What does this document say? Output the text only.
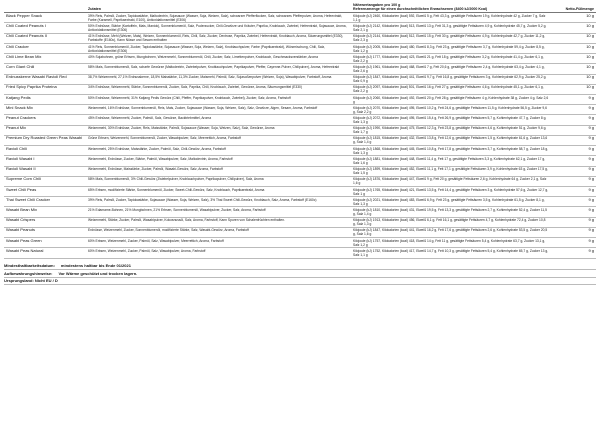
	Zutaten	Nährwertangaben pro 100 g
Referenzmenge für einen durchschnittlichen Erwachsenen (8400 kJ/2000 Kcal)	Netto-Füllmenge
Black Pepper Snack	39% Reis, Palmöl, Zucker, Tapiokastärke, Maltodextrin, Sojasauce (Wasser, Soja, Weizen, Salz), schwarzer Pfefferflocken, Salz, schwarzes Pfefferpulver, Aroma, Hefeextrakt, Farbe (Karamell, Paprikaextrakt, E100), Antioxidationsmittel (E306)	Kilojoule (kJ) 2460, Kilokalorien (kcal) 592, Eiweiß 5 g, Fett 43,3 g, gesättigte Fettsäuren 19 g, Kohlenhydrate 42 g, Zucker 7 g, Salz 1,1 g	10 g
Chili Coated Peanuts I	50% Erdnüsse, Stärke (Kartoffeln, Mais, Maniok), Sonnenblumenöl, Salz, Puderzucker, Chili-Gewürze und Kräuter, Paprika, Knoblauch, Zwiebel, Hefeextrakt, Sojasauce, Aroma, Antioxidationsmittel (E306)	Kilojoule (kJ) 2142, Kilokalorien (kcal) 513, Eiweiß 13 g, Fett 31,3 g, gesättigte Fettsäuren 4,9 g, Kohlenhydrate 45,7 g, Zucker 5,2 g, Salz 2,1 g	10 g
Chili Coated Peanuts II	41% Erdnüsse, Mehl (Weizen, Mais), Weizen, Sonnenblumenöl, Reis, Chili, Salz, Zucker, Dextrose, Paprika, Zwiebel, Hefeextrakt, Knoblauch, Aroma, Säuerungsmittel (E330), Farbstoffe (E160c), Kann Nüsse und Sesam enthalten	Kilojoule (kJ) 2144, Kilokalorien (kcal) 512, Eiweiß 15 g, Fett 30 g, gesättigte Fettsäuren 4,9 g, Kohlenhydrate 42,7 g, Zucker 11,2 g, Salz 2,3 g	10 g
Chili Cracker	41% Reis, Sonnenblumenöl, Zucker, Tapiokastärke, Sojasauce (Wasser, Soja, Weizen, Salz), Knoblauchpulver, Farbe (Paprikaextrakt), Würzmischung, Chili, Salz, Antioxidationsmittel (E306)	Kilojoule (kJ) 2005, Kilokalorien (kcal) 480, Eiweiß 8,3 g, Fett 23 g, gesättigte Fettsäuren 3,7 g, Kohlenhydrate 59,4 g, Zucker 8,5 g, Salz 1,2 g	10 g
Chili Lime Bean Mix	40% Sojabohnen, grüne Erbsen, Mungbohnen, Weizenmehl, Sonnenblumenöl, Chili, Zucker, Salz, Limettenpulver, Knoblauch, Geschmacksverstärker, Aroma	Kilojoule (kJ) 1777, Kilokalorien (kcal) 423, Eiweiß 21 g, Fett 18 g, gesättigte Fettsäuren 3,2 g, Kohlenhydrate 41,4 g, Zucker 6,1 g, Salz 2,2 g	10 g
Corn Giant Chili	58% Mais, Sonnenblumenöl, Salz, scharfe Gewürze (Maltodextrin, Zwiebelpulver, Knoblauchpulver, Paprikapulver, Pfeffer, Cayenne-Pulver, Chilipulver), Aroma, Hefeextrakt	Kilojoule (kJ) 1961, Kilokalorien (kcal) 468, Eiweiß 7 g, Fett 20,6 g, gesättigte Fettsäuren 2,4 g, Kohlenhydrate 63,4 g, Zucker 4,1 g, Salz 2,6 g	10 g
Erdnusskerne Wasabi Ravioli Red	38,7% Weizenmehl, 27,1% Erdnusskerne, 18,5% Maisstärke, 11,3% Zucker, Maismehl, Palmöl, Salz, Sojasoßenpulver (Weizen, Soja), Wasabipulver, Farbstoff, Aroma	Kilojoule (kJ) 1847, Kilokalorien (kcal) 441, Eiweiß 9,7 g, Fett 16,8 g, gesättigte Fettsäuren 3 g, Kohlenhydrate 62,9 g, Zucker 25,2 g, Salz 0,9 g	10 g
Fried Spicy Paprika Proteina	34% Erdnüsse, Weizenmehl, Stärke, Sonnenblumenöl, Zucker, Salz, Paprika, Chili, Knoblauch, Zwiebel, Gewürze, Aroma, Säuerungsmittel (E330)	Kilojoule (kJ) 2097, Kilokalorien (kcal) 501, Eiweiß 16 g, Fett 27 g, gesättigte Fettsäuren 4,6 g, Kohlenhydrate 45,1 g, Zucker 6,1 g, Salz 2,2 g	10 g
Katjang Pedis	50% Erdnüsse, Weizenmehl, 31% Katjang Pedis Gewürz (Chili, Pfeffer, Paprikapulver, Knoblauch, Zwiebel), Zucker, Salz, Aroma, Farbstoff	Kilojoule (kJ) 2060, Kilokalorien (kcal) 492, Eiweiß 20 g, Fett 28 g, gesättigte Fettsäuren 4 g, Kohlenhydrate 38 g, Zucker 4 g, Salz 2,6 g	9 g
Mini Snack Mix	Weizenmehl, 16% Erdnüsse, Sonnenblumenöl, Reis, Mais, Zucker, Sojasauce (Wasser, Soja, Weizen, Salz), Salz, Gewürze, Algen, Sesam, Aroma, Farbstoff	Kilojoule (kJ) 2070, Kilokalorien (kcal) 495, Eiweiß 10,2 g, Fett 24,6 g, gesättigte Fettsäuren 11,5 g, Kohlenhydrate 56,5 g, Zucker 9,6 g, Salz 2,2 g	9 g
Peanut Crackers	45% Erdnüsse, Weizenmehl, Zucker, Palmöl, Salz, Gewürze, Backtriebmittel, Aroma	Kilojoule (kJ) 2072, Kilokalorien (kcal) 495, Eiweiß 15,4 g, Fett 26,9 g, gesättigte Fettsäuren 5,7 g, Kohlenhydrate 47,7 g, Zucker 8 g, Salz 1,3 g	9 g
Peanut Mix	Weizenmehl, 30% Erdnüsse, Zucker, Reis, Maisstärke, Palmöl, Sojasauce (Wasser, Soja, Weizen, Salz), Salz, Gewürze, Aroma	Kilojoule (kJ) 1990, Kilokalorien (kcal) 475, Eiweiß 12,3 g, Fett 23,8 g, gesättigte Fettsäuren 4,6 g, Kohlenhydrate 51 g, Zucker 9,6 g, Salz 1,7 g	9 g
Premium Dry Roasted Green Peas Wasabi	Grüne Erbsen, Weizenmehl, Sonnenblumenöl, Zucker, Wasabipulver, Salz, Meerrettich, Aroma, Farbstoff	Kilojoule (kJ) 1815, Kilokalorien (kcal) 432, Eiweiß 13,8 g, Fett 12,6 g, gesättigte Fettsäuren 1,5 g, Kohlenhydrate 61,6 g, Zucker 13,6 g, Salz 1,4 g	9 g
Ravioli Chili	Weizenmehl, 25% Erdnüsse, Maisstärke, Zucker, Palmöl, Salz, Chili-Gewürz, Aroma, Farbstoff	Kilojoule (kJ) 1868, Kilokalorien (kcal) 445, Eiweiß 10,8 g, Fett 17,8 g, gesättigte Fettsäuren 3,7 g, Kohlenhydrate 58,7 g, Zucker 18 g, Salz 1,3 g	9 g
Ravioli Wasabi I	Weizenmehl, Erdnüsse, Zucker, Stärke, Palmöl, Wasabipulver, Salz, Maltodextrin, Aroma, Farbstoff	Kilojoule (kJ) 1881, Kilokalorien (kcal) 448, Eiweiß 11,4 g, Fett 17 g, gesättigte Fettsäuren 3,3 g, Kohlenhydrate 62,1 g, Zucker 17 g, Salz 1,6 g	9 g
Ravioli Wasabi II	Weizenmehl, Erdnüsse, Maisstärke, Zucker, Palmöl, Wasabi-Gewürz, Salz, Aroma, Farbstoff	Kilojoule (kJ) 1899, Kilokalorien (kcal) 452, Eiweiß 11,1 g, Fett 17,1 g, gesättigte Fettsäuren 3,9 g, Kohlenhydrate 63 g, Zucker 17,5 g, Salz 1,5 g	9 g
Supreme Corn Chili	58% Mais, Sonnenblumenöl, 3% Chili-Gewürz (Zwiebelpulver, Knoblauchpulver, Paprikapulver, Chilipulver), Salz, Aroma	Kilojoule (kJ) 1876, Kilokalorien (kcal) 447, Eiweiß 9 g, Fett 20 g, gesättigte Fettsäuren 2,6 g, Kohlenhydrate 64 g, Zucker 2,1 g, Salz 1,6 g	9 g
Sweet Chili Peas	65% Erbsen, modifizierte Stärke, Sonnenblumenöl, Zucker, Sweet-Chili-Gewürz, Salz, Knoblauch, Paprikaextrakt, Aroma	Kilojoule (kJ) 1765, Kilokalorien (kcal) 421, Eiweiß 13,5 g, Fett 14,4 g, gesättigte Fettsäuren 3 g, Kohlenhydrate 57,6 g, Zucker 12,7 g, Salz 1 g	9 g
Thai Sweet Chili Cracker	39% Reis, Palmöl, Zucker, Tapiokastärke, Sojasauce (Wasser, Soja, Weizen, Salz), 3% Thai Sweet Chili-Gewürz, Knoblauch, Salz, Aroma, Farbstoff (E160c)	Kilojoule (kJ) 2021, Kilokalorien (kcal) 483, Eiweiß 6,9 g, Fett 23 g, gesättigte Fettsäuren 3,5 g, Kohlenhydrate 61,5 g, Zucker 8,1 g, Salz 1,3 g	9 g
Wasabi Bean Mix	21% Edamame-Bohnen, 21% Mungbohnen, 21% Erbsen, Sonnenblumenöl, Wasabipulver, Zucker, Salz, Aroma, Farbstoff	Kilojoule (kJ) 1810, Kilokalorien (kcal) 431, Eiweiß 19,5 g, Fett 13,3 g, gesättigte Fettsäuren 2,7 g, Kohlenhydrate 52,4 g, Zucker 11,5 g, Salz 1,4 g	9 g
Wasabi Crispers	Weizenmehl, Stärke, Zucker, Palmöl, Wasabipulver, Kokosnussöl, Salz, Aroma, Farbstoff, Kann Spuren von Schalenfrüchten enthalten.	Kilojoule (kJ) 1913, Kilokalorien (kcal) 456, Eiweiß 6,1 g, Fett 16,1 g, gesättigte Fettsäuren 4,7 g, Kohlenhydrate 72,4 g, Zucker 10,8 g, Salz 1,3 g	9 g
Wasabi Peanuts	Erdnüsse, Weizenmehl, Zucker, Sonnenblumenöl, modifizierte Stärke, Salz, Wasabi-Gewürz, Aroma, Farbstoff	Kilojoule (kJ) 1847, Kilokalorien (kcal) 441, Eiweiß 16,2 g, Fett 17,6 g, gesättigte Fettsäuren 2,6 g, Kohlenhydrate 53,5 g, Zucker 20,5 g, Salz 1,6 g	9 g
Wasabi Peas Green	60% Erbsen, Weizenmehl, Zucker, Palmöl, Salz, Wasabipulver, Meerrettich, Aroma, Farbstoff	Kilojoule (kJ) 1757, Kilokalorien (kcal) 418, Eiweiß 14 g, Fett 11 g, gesättigte Fettsäuren 5,4 g, Kohlenhydrate 63,7 g, Zucker 13,1 g, Salz 1,2 g	9 g
Wasabi Peas Natural	60% Erbsen, Weizenmehl, Zucker, Palmöl, Salz, Wasabipulver, Aroma, Farbstoff	Kilojoule (kJ) 1752, Kilokalorien (kcal) 417, Eiweiß 14,7 g, Fett 10,3 g, gesättigte Fettsäuren 5,4 g, Kohlenhydrate 65,7 g, Zucker 13 g, Salz 1,1 g	9 g
Mindesthaltbarkeitsdatum: mindestens haltbar bis Ende 01/2021
Aufbewahrungshinweise: Vor Wärme geschützt und trocken lagern.
Ursprungsland: Nicht EU / D
